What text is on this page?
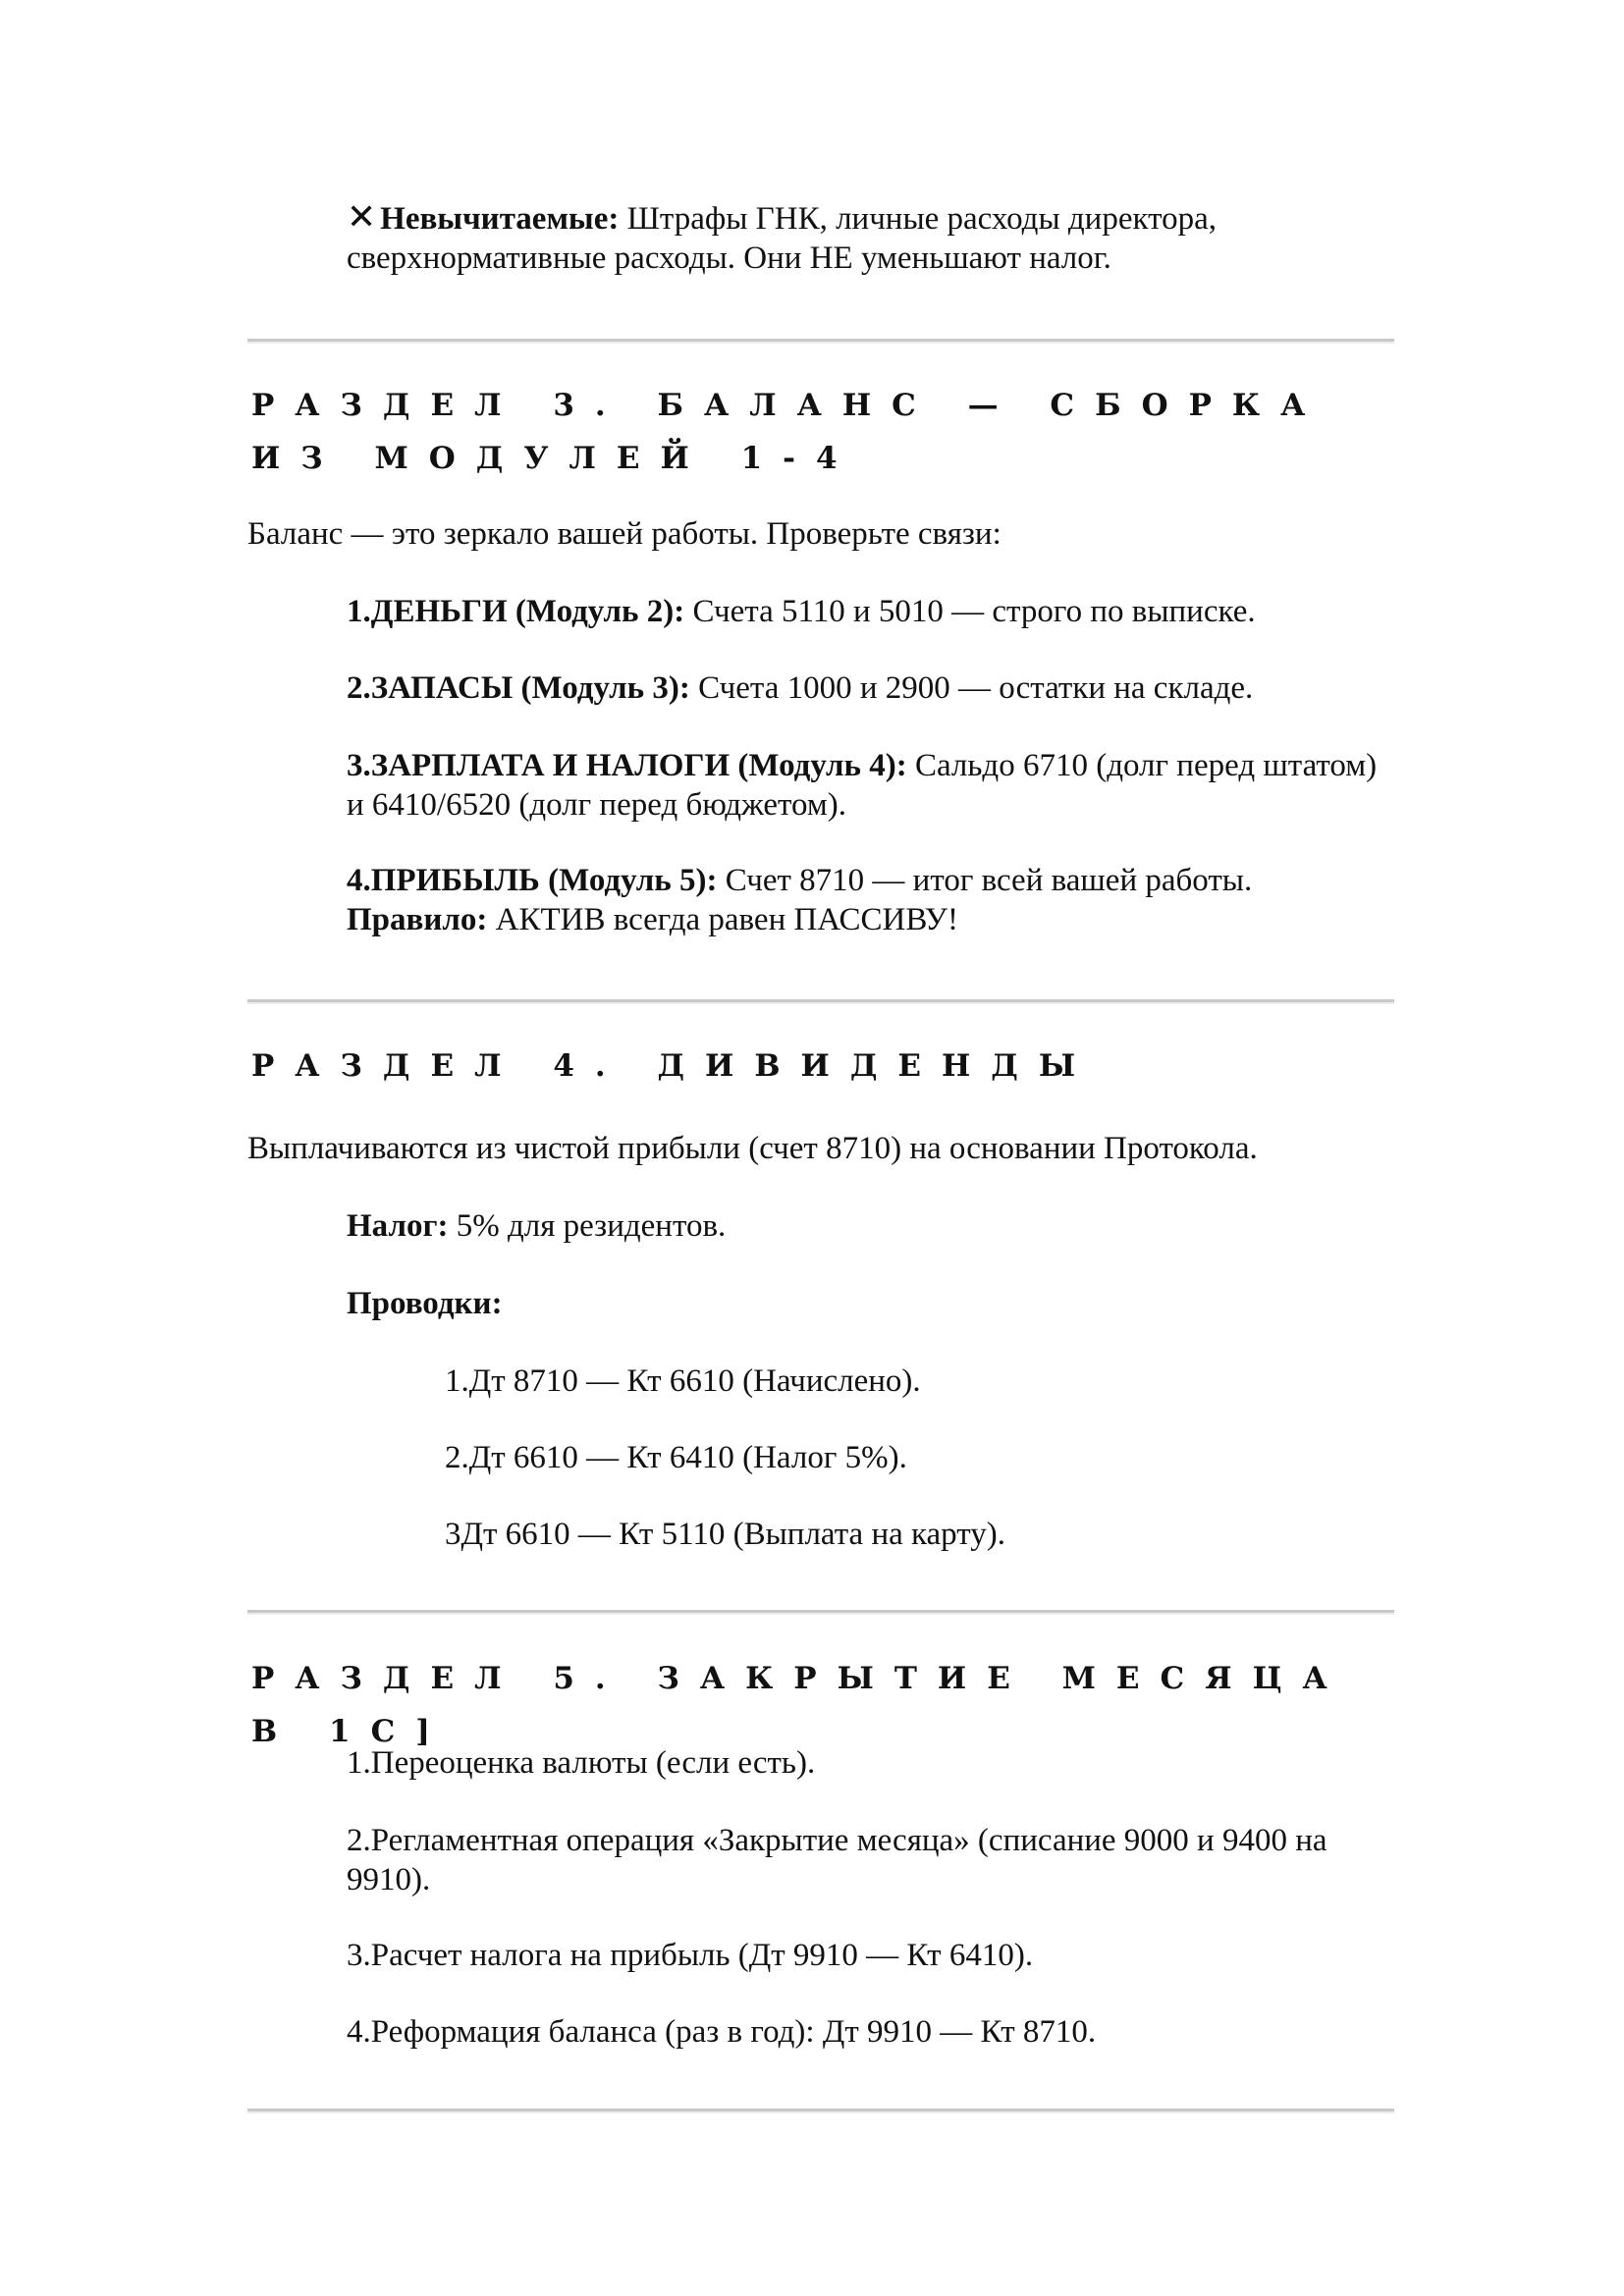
✕ Невычитаемые: Штрафы ГНК, личные расходы директора, сверхнормативные расходы. Они НЕ уменьшают налог.

РАЗДЕЛ 3. БАЛАНС — СБОРКА ИЗ МОДУЛЕЙ 1-4

Баланс — это зеркало вашей работы. Проверьте связи:

1.ДЕНЬГИ (Модуль 2): Счета 5110 и 5010 — строго по выписке.

2.ЗАПАСЫ (Модуль 3): Счета 1000 и 2900 — остатки на складе.

3.ЗАРПЛАТА И НАЛОГИ (Модуль 4): Сальдо 6710 (долг перед штатом) и 6410/6520 (долг перед бюджетом).

4.ПРИБЫЛЬ (Модуль 5): Счет 8710 — итог всей вашей работы.
Правило: АКТИВ всегда равен ПАССИВУ!

РАЗДЕЛ 4. ДИВИДЕНДЫ

Выплачиваются из чистой прибыли (счет 8710) на основании Протокола.

Налог: 5% для резидентов.

Проводки:

1.Дт 8710 — Кт 6610 (Начислено).

2.Дт 6610 — Кт 6410 (Налог 5%).

3Дт 6610 — Кт 5110 (Выплата на карту).

РАЗДЕЛ 5. ЗАКРЫТИЕ МЕСЯЦА В 1С]

1.Переоценка валюты (если есть).

2.Регламентная операция «Закрытие месяца» (списание 9000 и 9400 на 9910).

3.Расчет налога на прибыль (Дт 9910 — Кт 6410).

4.Реформация баланса (раз в год): Дт 9910 — Кт 8710.
